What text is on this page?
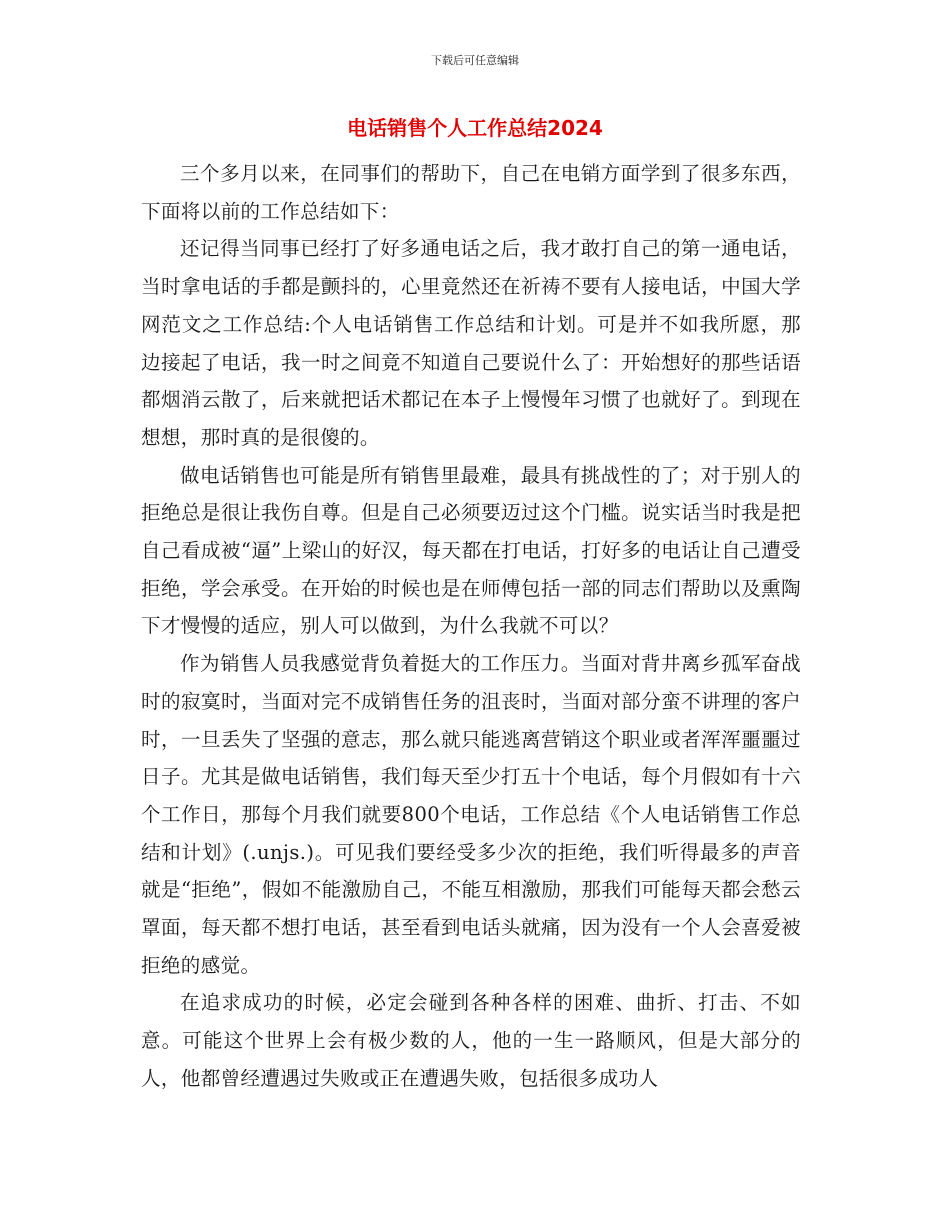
下载后可任意编辑
电话销售个人工作总结2024

三个多月以来，在同事们的帮助下，自己在电销方面学到了很多东西，下面将以前的工作总结如下：

还记得当同事已经打了好多通电话之后，我才敢打自己的第一通电话，当时拿电话的手都是颤抖的，心里竟然还在祈祷不要有人接电话，中国大学网范文之工作总结:个人电话销售工作总结和计划。可是并不如我所愿，那边接起了电话，我一时之间竟不知道自己要说什么了：开始想好的那些话语都烟消云散了，后来就把话术都记在本子上慢慢年习惯了也就好了。到现在想想，那时真的是很傻的。

做电话销售也可能是所有销售里最难，最具有挑战性的了；对于别人的拒绝总是很让我伤自尊。但是自己必须要迈过这个门槛。说实话当时我是把自己看成被“逼”上梁山的好汉，每天都在打电话，打好多的电话让自己遭受拒绝，学会承受。在开始的时候也是在师傅包括一部的同志们帮助以及熏陶下才慢慢的适应，别人可以做到，为什么我就不可以？

作为销售人员我感觉背负着挺大的工作压力。当面对背井离乡孤军奋战时的寂寞时，当面对完不成销售任务的沮丧时，当面对部分蛮不讲理的客户时，一旦丢失了坚强的意志，那么就只能逃离营销这个职业或者浑浑噩噩过日子。尤其是做电话销售，我们每天至少打五十个电话，每个月假如有十六个工作日，那每个月我们就要800个电话，工作总结《个人电话销售工作总结和计划》(.unjs.)。可见我们要经受多少次的拒绝，我们听得最多的声音就是“拒绝”，假如不能激励自己，不能互相激励，那我们可能每天都会愁云罩面，每天都不想打电话，甚至看到电话头就痛，因为没有一个人会喜爱被拒绝的感觉。

在追求成功的时候，必定会碰到各种各样的困难、曲折、打击、不如意。可能这个世界上会有极少数的人，他的一生一路顺风，但是大部分的人，他都曾经遭遇过失败或正在遭遇失败，包括很多成功人
